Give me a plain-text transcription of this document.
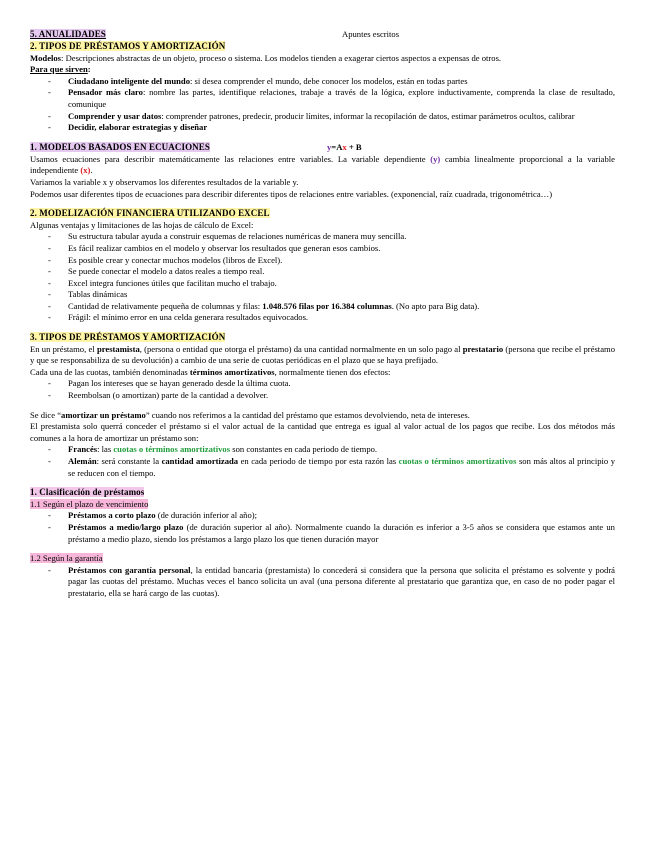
5. ANUALIDADES	Apuntes escritos
2. TIPOS DE PRÉSTAMOS Y AMORTIZACIÓN

Modelos: Descripciones abstractas de un objeto, proceso o sistema. Los modelos tienden a exagerar ciertos aspectos a expensas de otros.

Para que sirven:

- Ciudadano inteligente del mundo: si desea comprender el mundo, debe conocer los modelos, están en todas partes
- Pensador más claro: nombre las partes, identifique relaciones, trabaje a través de la lógica, explore inductivamente, comprenda la clase de resultado, comunique
- Comprender y usar datos: comprender patrones, predecir, producir límites, informar la recopilación de datos, estimar parámetros ocultos, calibrar
- Decidir, elaborar estrategias y diseñar
1. MODELOS BASADOS EN ECUACIONES	y=Ax + B

Usamos ecuaciones para describir matemáticamente las relaciones entre variables. La variable dependiente (y) cambia linealmente proporcional a la variable independiente (x).

Variamos la variable x y observamos los diferentes resultados de la variable y.

Podemos usar diferentes tipos de ecuaciones para describir diferentes tipos de relaciones entre variables. (exponencial, raíz cuadrada, trigonométrica…)

2. MODELIZACIÓN FINANCIERA UTILIZANDO EXCEL

Algunas ventajas y limitaciones de las hojas de cálculo de Excel:

- Su estructura tabular ayuda a construir esquemas de relaciones numéricas de manera muy sencilla.
- Es fácil realizar cambios en el modelo y observar los resultados que generan esos cambios.
- Es posible crear y conectar muchos modelos (libros de Excel).
- Se puede conectar el modelo a datos reales a tiempo real.
- Excel integra funciones útiles que facilitan mucho el trabajo.
- Tablas dinámicas
- Cantidad de relativamente pequeña de columnas y filas: 1.048.576 filas por 16.384 columnas. (No apto para Big data).
- Frágil: el mínimo error en una celda generara resultados equivocados.
3. TIPOS DE PRÉSTAMOS Y AMORTIZACIÓN

En un préstamo, el prestamista, (persona o entidad que otorga el préstamo) da una cantidad normalmente en un solo pago al prestatario (persona que recibe el préstamo y que se responsabiliza de su devolución) a cambio de una serie de cuotas periódicas en el plazo que se haya prefijado.

Cada una de las cuotas, también denominadas términos amortizativos, normalmente tienen dos efectos:

- Pagan los intereses que se hayan generado desde la última cuota.
- Reembolsan (o amortizan) parte de la cantidad a devolver.

Se dice “amortizar un préstamo” cuando nos referimos a la cantidad del préstamo que estamos devolviendo, neta de intereses.

El prestamista solo querrá conceder el préstamo si el valor actual de la cantidad que entrega es igual al valor actual de los pagos que recibe. Los dos métodos más comunes a la hora de amortizar un préstamo son:

- Francés: las cuotas o términos amortizativos son constantes en cada periodo de tiempo.
- Alemán: será constante la cantidad amortizada en cada periodo de tiempo por esta razón las cuotas o términos amortizativos son más altos al principio y se reducen con el tiempo.
1. Clasificación de préstamos
1.1 Según el plazo de vencimiento
- Préstamos a corto plazo (de duración inferior al año);
- Préstamos a medio/largo plazo (de duración superior al año). Normalmente cuando la duración es inferior a 3-5 años se considera que estamos ante un préstamo a medio plazo, siendo los préstamos a largo plazo los que tienen duración mayor
1.2 Según la garantía
- Préstamos con garantía personal, la entidad bancaria (prestamista) lo concederá si considera que la persona que solicita el préstamo es solvente y podrá pagar las cuotas del préstamo. Muchas veces el banco solicita un aval (una persona diferente al prestatario que garantiza que, en caso de no poder pagar el prestatario, ella se hará cargo de las cuotas).
